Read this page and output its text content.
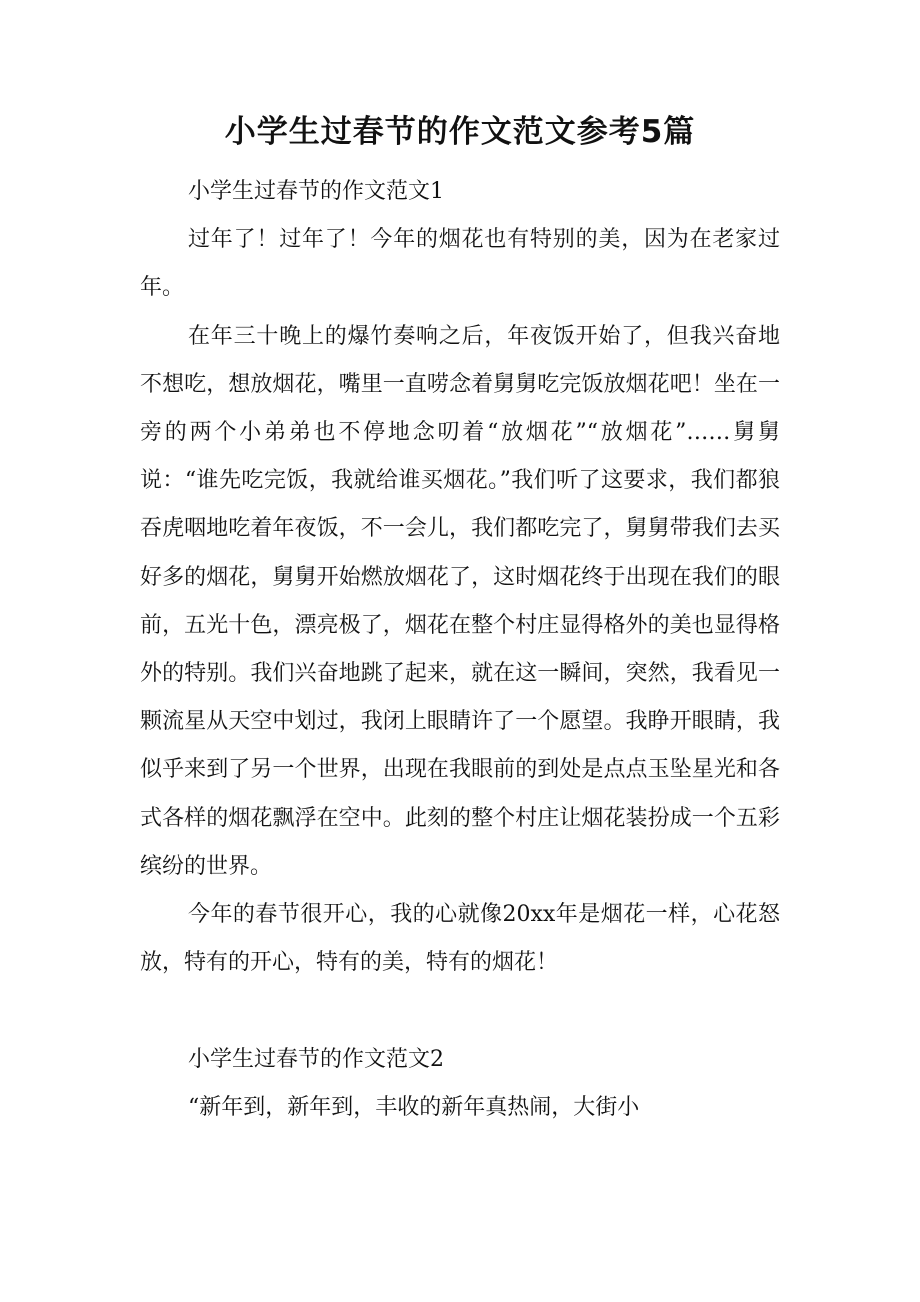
小学生过春节的作文范文参考5篇
小学生过春节的作文范文1

过年了！过年了！今年的烟花也有特别的美，因为在老家过年。

在年三十晚上的爆竹奏响之后，年夜饭开始了，但我兴奋地不想吃，想放烟花，嘴里一直唠念着舅舅吃完饭放烟花吧！坐在一旁的两个小弟弟也不停地念叨着“放烟花”“放烟花”……舅舅说：“谁先吃完饭，我就给谁买烟花。”我们听了这要求，我们都狼吞虎咽地吃着年夜饭，不一会儿，我们都吃完了，舅舅带我们去买好多的烟花，舅舅开始燃放烟花了，这时烟花终于出现在我们的眼前，五光十色，漂亮极了，烟花在整个村庄显得格外的美也显得格外的特别。我们兴奋地跳了起来，就在这一瞬间，突然，我看见一颗流星从天空中划过，我闭上眼睛许了一个愿望。我睁开眼睛，我似乎来到了另一个世界，出现在我眼前的到处是点点玉坠星光和各式各样的烟花飘浮在空中。此刻的整个村庄让烟花装扮成一个五彩缤纷的世界。

今年的春节很开心，我的心就像20xx年是烟花一样，心花怒放，特有的开心，特有的美，特有的烟花！

小学生过春节的作文范文2

“新年到，新年到，丰收的新年真热闹，大街小
